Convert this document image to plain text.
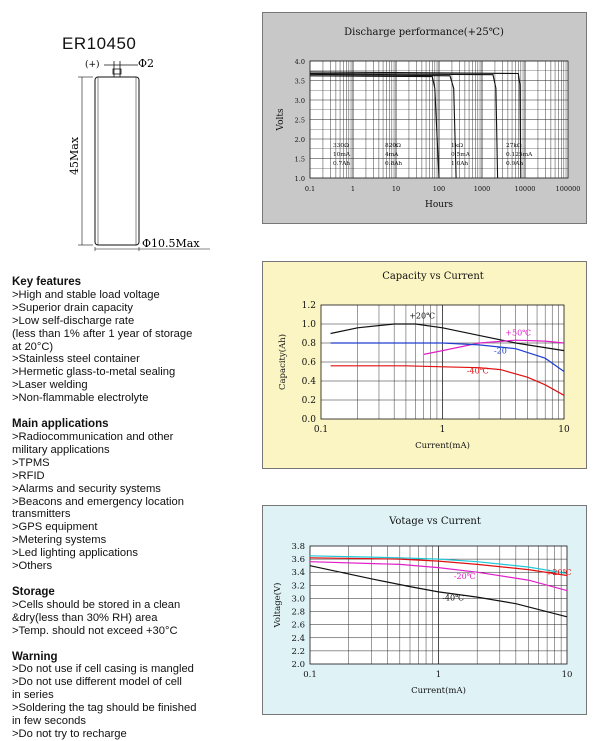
ER10450
(+)	Φ2
45Max
Φ10.5Max
Key features
>High and stable load voltage
>Superior drain capacity
>Low self-discharge rate
(less than 1% after 1 year of storage
at 20°C)
>Stainless steel container
>Hermetic glass-to-metal sealing
>Laser welding
>Non-flammable electrolyte
Main applications
>Radiocommunication and other
military applications
>TPMS
>RFID
>Alarms and security systems
>Beacons and emergency location
transmitters
>GPS equipment
>Metering systems
>Led lighting applications
>Others
Storage
>Cells should be stored in a clean
&dry(less than 30% RH) area
>Temp. should not exceed +30°C
Warning
>Do not use if cell casing is mangled
>Do not use different model of cell
in series
>Soldering the tag should be finished
in few seconds
>Do not try to recharge
1.0
1.5
2.0
2.5
3.0
3.5
4.0
0.1	1	10	100	1000	10000	100000
Discharge performance(+25℃)
Hours
Volts
330Ω	820Ω	1kΩ	27kΩ
10mA	4mA	0.5mA	0.125mA
0.7Ah	0.8Ah	1.0Ah	0.9Ah
0.0
0.2
0.4
0.6
0.8
1.0
1.2
0.1	1	10
Capacity vs Current
Current(mA)
Capacity(Ah)
+20℃
+50℃
-20
-40℃
2.0
2.2
2.4
2.6
2.8
3.0
3.2
3.4
3.6
3.8
0.1	1	10
Votage vs Current
Current(mA)
Voltage(V)
+20℃
-20℃
-40℃
